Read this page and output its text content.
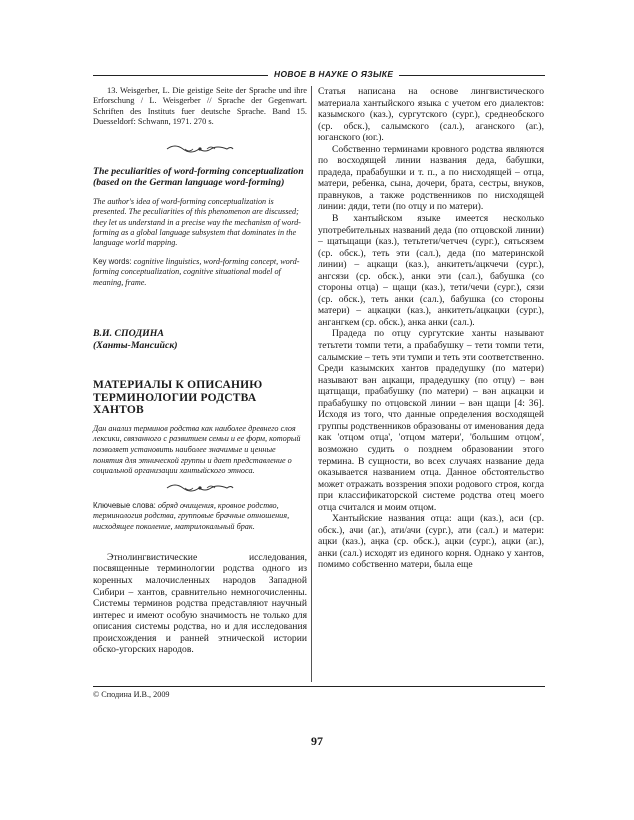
НОВОЕ В НАУКЕ О ЯЗЫКЕ

13. Weisgerber, L. Die geistige Seite der Sprache und ihre Erforschung / L. Weisgerber // Sprache der Gegenwart. Schriften des Instituts fuer deutsche Sprache. Band 15. Duesseldorf: Schwann, 1971. 270 s.

The peculiarities of word-forming conceptualization (based on the German language word-forming)

The author's idea of word-forming conceptualization is presented. The peculiarities of this phenomenon are discussed; they let us understand in a precise way the mechanism of word-forming as a global language subsystem that dominates in the language world mapping.

Key words: cognitive linguistics, word-forming concept, word-forming conceptualization, cognitive situational model of meaning, frame.

В.И. СПОДИНА

(Ханты-Мансийск)

МАТЕРИАЛЫ К ОПИСАНИЮ ТЕРМИНОЛОГИИ РОДСТВА ХАНТОВ

Дан анализ терминов родства как наиболее древнего слоя лексики, связанного с развитием семьи и ее форм, который позволяет установить наиболее значимые и ценные понятия для этнической группы и дает представление о социальной организации хантыйского этноса.

Ключевые слова: обряд очищения, кровное родство, терминология родства, групповые брачные отношения, нисходящее поколение, матрилокальный брак.

Этнолингвистические исследования, посвященные терминологии родства одного из коренных малочисленных народов Западной Сибири – хантов, сравнительно немногочисленны. Системы терминов родства представляют научный интерес и имеют особую значимость не только для описания системы родства, но и для исследования происхождения и ранней этнической истории обско-угорских народов.

Статья написана на основе лингвистического материала хантыйского языка с учетом его диалектов: казымского (каз.), сургутского (сург.), среднеобского (ср. обск.), салымского (сал.), аганского (аг.), юганского (юг.).

Собственно терминами кровного родства являются по восходящей линии названия деда, бабушки, прадеда, прабабушки и т. п., а по нисходящей – отца, матери, ребенка, сына, дочери, брата, сестры, внуков, правнуков, а также родственников по нисходящей линии: дяди, тети (по отцу и по матери).

В хантыйском языке имеется несколько употребительных названий деда (по отцовской линии) – щатьщащи (каз.), тетьтети/четчеч (сург.), сятьсязем (ср. обск.), теть эти (сал.), деда (по материнской линии) – ацкащи (каз.), анкитеть/ацкчечи (сург.), ангсязи (ср. обск.), анки эти (сал.), бабушка (со стороны отца) – щащи (каз.), тети/чечи (сург.), сязи (ср. обск.), теть анки (сал.), бабушка (со стороны матери) – ацкацки (каз.), анкитеть/ацкацки (сург.), ангангкем (ср. обск.), анка анки (сал.).

Прадеда по отцу сургутские ханты называют тетьтети томпи тети, а прабабушку – тети томпи тети, салымские – теть эти тумпи и теть эти соответственно. Среди казымских хантов прадедушку (по матери) называют вән ацкащи, прадедушку (по отцу) – вән щатщащи, прабабушку (по матери) – вән ацкацки и прабабушку по отцовской линии – вән щащи [4: 36]. Исходя из того, что данные определения восходящей группы родственников образованы от именования деда как 'отцом отца', 'отцом матери', 'большим отцом', возможно судить о позднем образовании этого термина. В сущности, во всех случаях название деда оказывается названием отца. Данное обстоятельство может отражать воззрения эпохи родового строя, когда при классификаторской системе родства отец моего отца считался и моим отцом.

Хантыйские названия отца: ащи (каз.), аси (ср. обск.), ачи (аг.), ати/ачи (сург.), ати (сал.) и матери: ацки (каз.), аңка (ср. обск.), ацки (сург.), ацки (аг.), анки (сал.) исходят из единого корня. Однако у хантов, помимо собственно матери, была еще

© Сподина И.В., 2009
97
